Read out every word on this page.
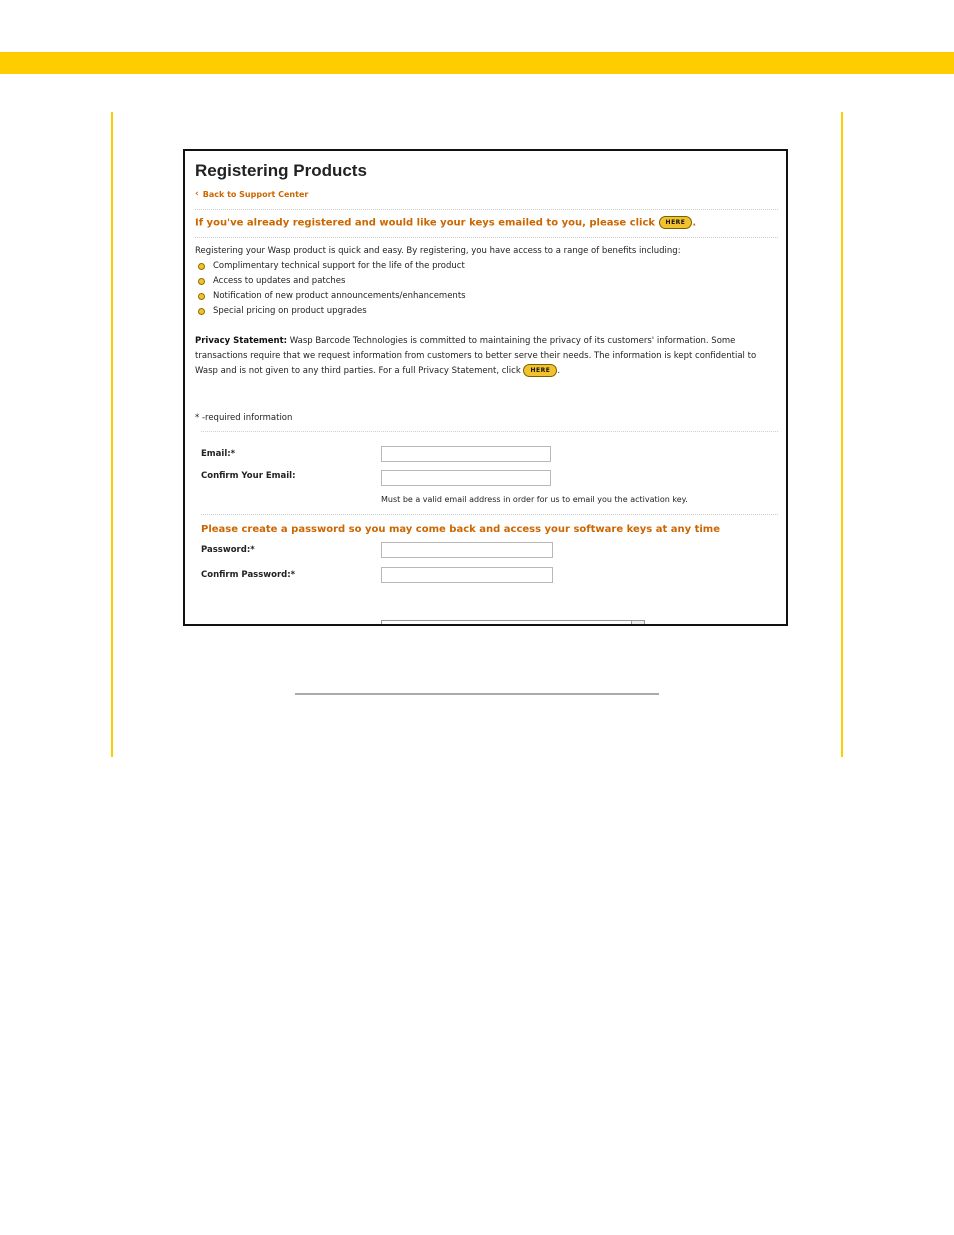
Registering Products
‹ Back to Support Center
If you've already registered and would like your keys emailed to you, please click HERE .
Registering your Wasp product is quick and easy. By registering, you have access to a range of benefits including:
Complimentary technical support for the life of the product
Access to updates and patches
Notification of new product announcements/enhancements
Special pricing on product upgrades
Privacy Statement: Wasp Barcode Technologies is committed to maintaining the privacy of its customers' information. Some transactions require that we request information from customers to better serve their needs. The information is kept confidential to Wasp and is not given to any third parties. For a full Privacy Statement, click HERE .
* -required information
Email:*
Confirm Your Email:
Must be a valid email address in order for us to email you the activation key.
Please create a password so you may come back and access your software keys at any time
Password:*
Confirm Password:*
